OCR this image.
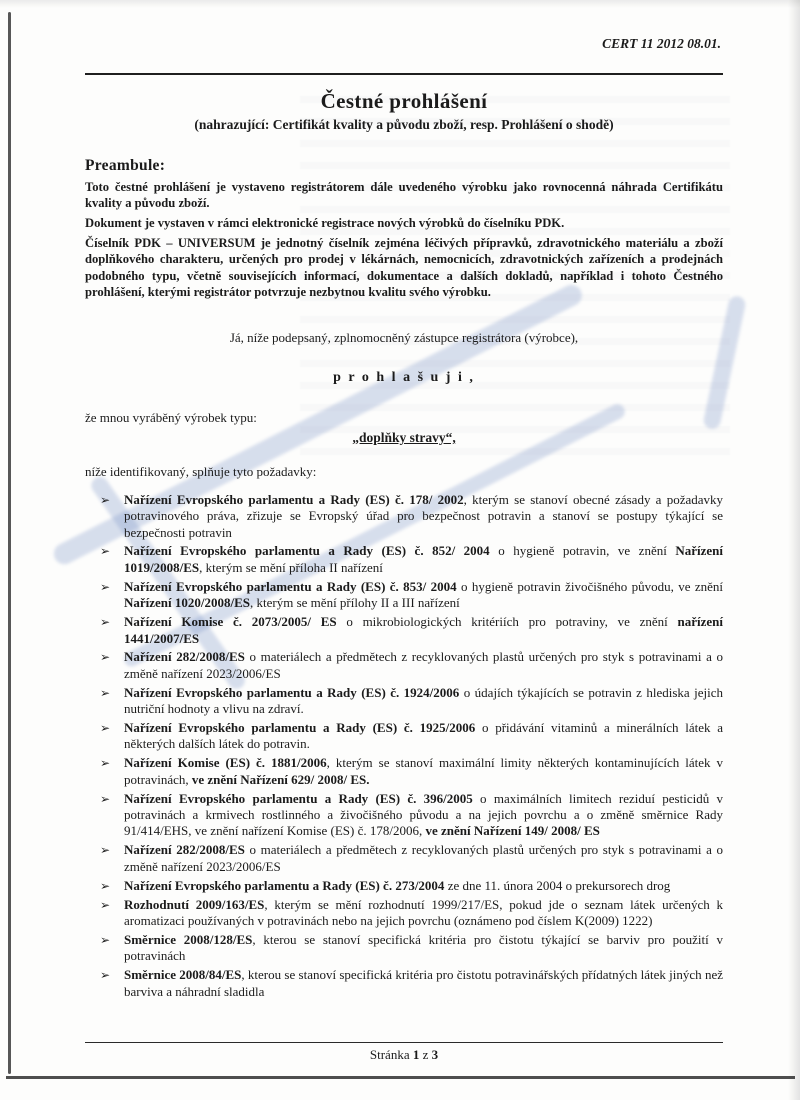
CERT 11 2012 08.01.
Čestné prohlášení
(nahrazující: Certifikát kvality a původu zboží, resp. Prohlášení o shodě)
Preambule:
Toto čestné prohlášení je vystaveno registrátorem dále uvedeného výrobku jako rovnocenná náhrada Certifikátu kvality a původu zboží.
Dokument je vystaven v rámci elektronické registrace nových výrobků do číselníku PDK.
Číselník PDK – UNIVERSUM je jednotný číselník zejména léčivých přípravků, zdravotnického materiálu a zboží doplňkového charakteru, určených pro prodej v lékárnách, nemocnicích, zdravotnických zařízeních a prodejnách podobného typu, včetně souvisejících informací, dokumentace a dalších dokladů, například i tohoto Čestného prohlášení, kterými registrátor potvrzuje nezbytnou kvalitu svého výrobku.
Já, níže podepsaný, zplnomocněný zástupce registrátora (výrobce),
p r o h l a š u j i ,
že mnou vyráběný výrobek typu:
„doplňky stravy“,
níže identifikovaný, splňuje tyto požadavky:
➢	Nařízení Evropského parlamentu a Rady (ES) č. 178/ 2002, kterým se stanoví obecné zásady a požadavky potravinového práva, zřizuje se Evropský úřad pro bezpečnost potravin a stanoví se postupy týkající se bezpečnosti potravin
➢	Nařízení Evropského parlamentu a Rady (ES) č. 852/ 2004 o hygieně potravin, ve znění Nařízení 1019/2008/ES, kterým se mění příloha II nařízení
➢	Nařízení Evropského parlamentu a Rady (ES) č. 853/ 2004 o hygieně potravin živočišného původu, ve znění Nařízení 1020/2008/ES, kterým se mění přílohy II a III nařízení
➢	Nařízení Komise č. 2073/2005/ ES o mikrobiologických kritériích pro potraviny, ve znění nařízení 1441/2007/ES
➢	Nařízení 282/2008/ES o materiálech a předmětech z recyklovaných plastů určených pro styk s potravinami a o změně nařízení 2023/2006/ES
➢	Nařízení Evropského parlamentu a Rady (ES) č. 1924/2006 o údajích týkajících se potravin z hlediska jejich nutriční hodnoty a vlivu na zdraví.
➢	Nařízení Evropského parlamentu a Rady (ES) č. 1925/2006 o přidávání vitaminů a minerálních látek a některých dalších látek do potravin.
➢	Nařízení Komise (ES) č. 1881/2006, kterým se stanoví maximální limity některých kontaminujících látek v potravinách, ve znění Nařízení 629/ 2008/ ES.
➢	Nařízení Evropského parlamentu a Rady (ES) č. 396/2005 o maximálních limitech reziduí pesticidů v potravinách a krmivech rostlinného a živočišného původu a na jejich povrchu a o změně směrnice Rady 91/414/EHS, ve znění nařízení Komise (ES) č. 178/2006, ve znění Nařízení 149/ 2008/ ES
➢	Nařízení 282/2008/ES o materiálech a předmětech z recyklovaných plastů určených pro styk s potravinami a o změně nařízení 2023/2006/ES
➢	Nařízení Evropského parlamentu a Rady (ES) č. 273/2004 ze dne 11. února 2004 o prekursorech drog
➢	Rozhodnutí 2009/163/ES, kterým se mění rozhodnutí 1999/217/ES, pokud jde o seznam látek určených k aromatizaci používaných v potravinách nebo na jejich povrchu (oznámeno pod číslem K(2009) 1222)
➢	Směrnice 2008/128/ES, kterou se stanoví specifická kritéria pro čistotu týkající se barviv pro použití v potravinách
➢	Směrnice 2008/84/ES, kterou se stanoví specifická kritéria pro čistotu potravinářských přídatných látek jiných než barviva a náhradní sladidla
Stránka 1 z 3
